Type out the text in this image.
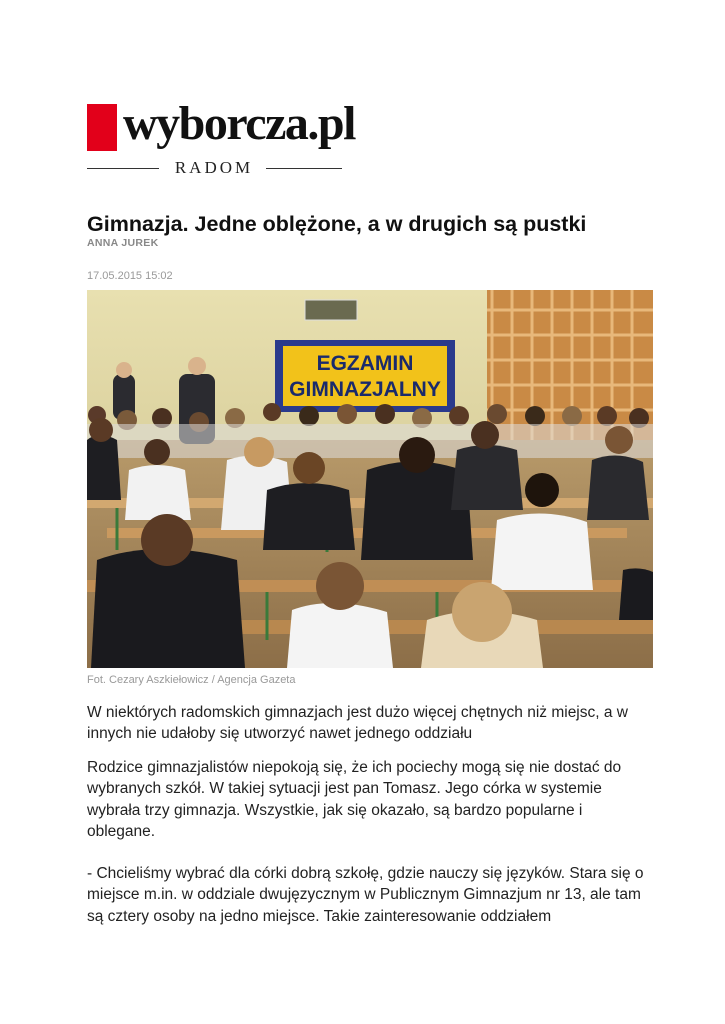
wyborcza.pl
RADOM
Gimnazja. Jedne oblężone, a w drugich są pustki
ANNA JUREK
17.05.2015 15:02
EGZAMIN
GIMNAZJALNY
Fot. Cezary Aszkiełowicz / Agencja Gazeta

W niektórych radomskich gimnazjach jest dużo więcej chętnych niż miejsc, a w innych nie udałoby się utworzyć nawet jednego oddziału

Rodzice gimnazjalistów niepokoją się, że ich pociechy mogą się nie dostać do wybranych szkół. W takiej sytuacji jest pan Tomasz. Jego córka w systemie wybrała trzy gimnazja. Wszystkie, jak się okazało, są bardzo popularne i oblegane.

- Chcieliśmy wybrać dla córki dobrą szkołę, gdzie nauczy się języków. Stara się o miejsce m.in. w oddziale dwujęzycznym w Publicznym Gimnazjum nr 13, ale tam są cztery osoby na jedno miejsce. Takie zainteresowanie oddziałem
